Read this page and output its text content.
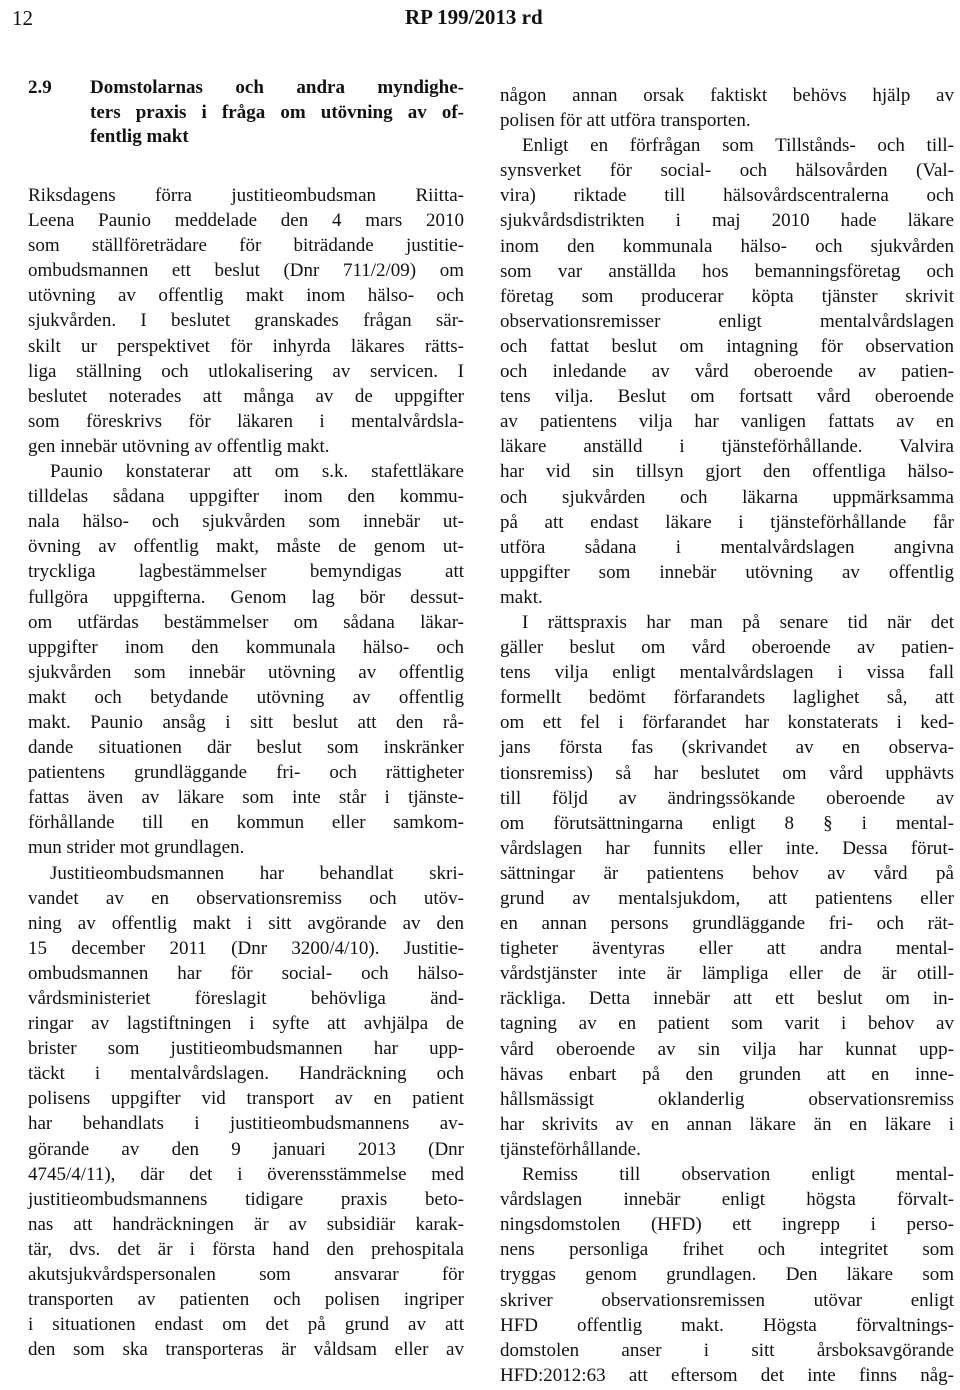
12	RP 199/2013 rd
2.9 Domstolarnas och andra myndighe-
ters praxis i fråga om utövning av of-
fentlig makt
Riksdagens förra justitieombudsman Riitta-
Leena Paunio meddelade den 4 mars 2010
som ställföreträdare för biträdande justitie-
ombudsmannen ett beslut (Dnr 711/2/09) om
utövning av offentlig makt inom hälso- och
sjukvården. I beslutet granskades frågan sär-
skilt ur perspektivet för inhyrda läkares rätts-
liga ställning och utlokalisering av servicen. I
beslutet noterades att många av de uppgifter
som föreskrivs för läkaren i mentalvårdsla-
gen innebär utövning av offentlig makt.
Paunio konstaterar att om s.k. stafettläkare
tilldelas sådana uppgifter inom den kommu-
nala hälso- och sjukvården som innebär ut-
övning av offentlig makt, måste de genom ut-
tryckliga lagbestämmelser bemyndigas att
fullgöra uppgifterna. Genom lag bör dessut-
om utfärdas bestämmelser om sådana läkar-
uppgifter inom den kommunala hälso- och
sjukvården som innebär utövning av offentlig
makt och betydande utövning av offentlig
makt. Paunio ansåg i sitt beslut att den rå-
dande situationen där beslut som inskränker
patientens grundläggande fri- och rättigheter
fattas även av läkare som inte står i tjänste-
förhållande till en kommun eller samkom-
mun strider mot grundlagen.
Justitieombudsmannen har behandlat skri-
vandet av en observationsremiss och utöv-
ning av offentlig makt i sitt avgörande av den
15 december 2011 (Dnr 3200/4/10). Justitie-
ombudsmannen har för social- och hälso-
vårdsministeriet föreslagit behövliga änd-
ringar av lagstiftningen i syfte att avhjälpa de
brister som justitieombudsmannen har upp-
täckt i mentalvårdslagen. Handräckning och
polisens uppgifter vid transport av en patient
har behandlats i justitieombudsmannens av-
görande av den 9 januari 2013 (Dnr
4745/4/11), där det i överensstämmelse med
justitieombudsmannens tidigare praxis beto-
nas att handräckningen är av subsidiär karak-
tär, dvs. det är i första hand den prehospitala
akutsjukvårdspersonalen som ansvarar för
transporten av patienten och polisen ingriper
i situationen endast om det på grund av att
den som ska transporteras är våldsam eller av
någon annan orsak faktiskt behövs hjälp av
polisen för att utföra transporten.
Enligt en förfrågan som Tillstånds- och till-
synsverket för social- och hälsovården (Val-
vira) riktade till hälsovårdscentralerna och
sjukvårdsdistrikten i maj 2010 hade läkare
inom den kommunala hälso- och sjukvården
som var anställda hos bemanningsföretag och
företag som producerar köpta tjänster skrivit
observationsremisser enligt mentalvårdslagen
och fattat beslut om intagning för observation
och inledande av vård oberoende av patien-
tens vilja. Beslut om fortsatt vård oberoende
av patientens vilja har vanligen fattats av en
läkare anställd i tjänsteförhållande. Valvira
har vid sin tillsyn gjort den offentliga hälso-
och sjukvården och läkarna uppmärksamma
på att endast läkare i tjänsteförhållande får
utföra sådana i mentalvårdslagen angivna
uppgifter som innebär utövning av offentlig
makt.
I rättspraxis har man på senare tid när det
gäller beslut om vård oberoende av patien-
tens vilja enligt mentalvårdslagen i vissa fall
formellt bedömt förfarandets laglighet så, att
om ett fel i förfarandet har konstaterats i ked-
jans första fas (skrivandet av en observa-
tionsremiss) så har beslutet om vård upphävts
till följd av ändringssökande oberoende av
om förutsättningarna enligt 8 § i mental-
vårdslagen har funnits eller inte. Dessa förut-
sättningar är patientens behov av vård på
grund av mentalsjukdom, att patientens eller
en annan persons grundläggande fri- och rät-
tigheter äventyras eller att andra mental-
vårdstjänster inte är lämpliga eller de är otill-
räckliga. Detta innebär att ett beslut om in-
tagning av en patient som varit i behov av
vård oberoende av sin vilja har kunnat upp-
hävas enbart på den grunden att en inne-
hållsmässigt oklanderlig observationsremiss
har skrivits av en annan läkare än en läkare i
tjänsteförhållande.
Remiss till observation enligt mental-
vårdslagen innebär enligt högsta förvalt-
ningsdomstolen (HFD) ett ingrepp i perso-
nens personliga frihet och integritet som
tryggas genom grundlagen. Den läkare som
skriver observationsremissen utövar enligt
HFD offentlig makt. Högsta förvaltnings-
domstolen anser i sitt årsboksavgörande
HFD:2012:63 att eftersom det inte finns någ-
